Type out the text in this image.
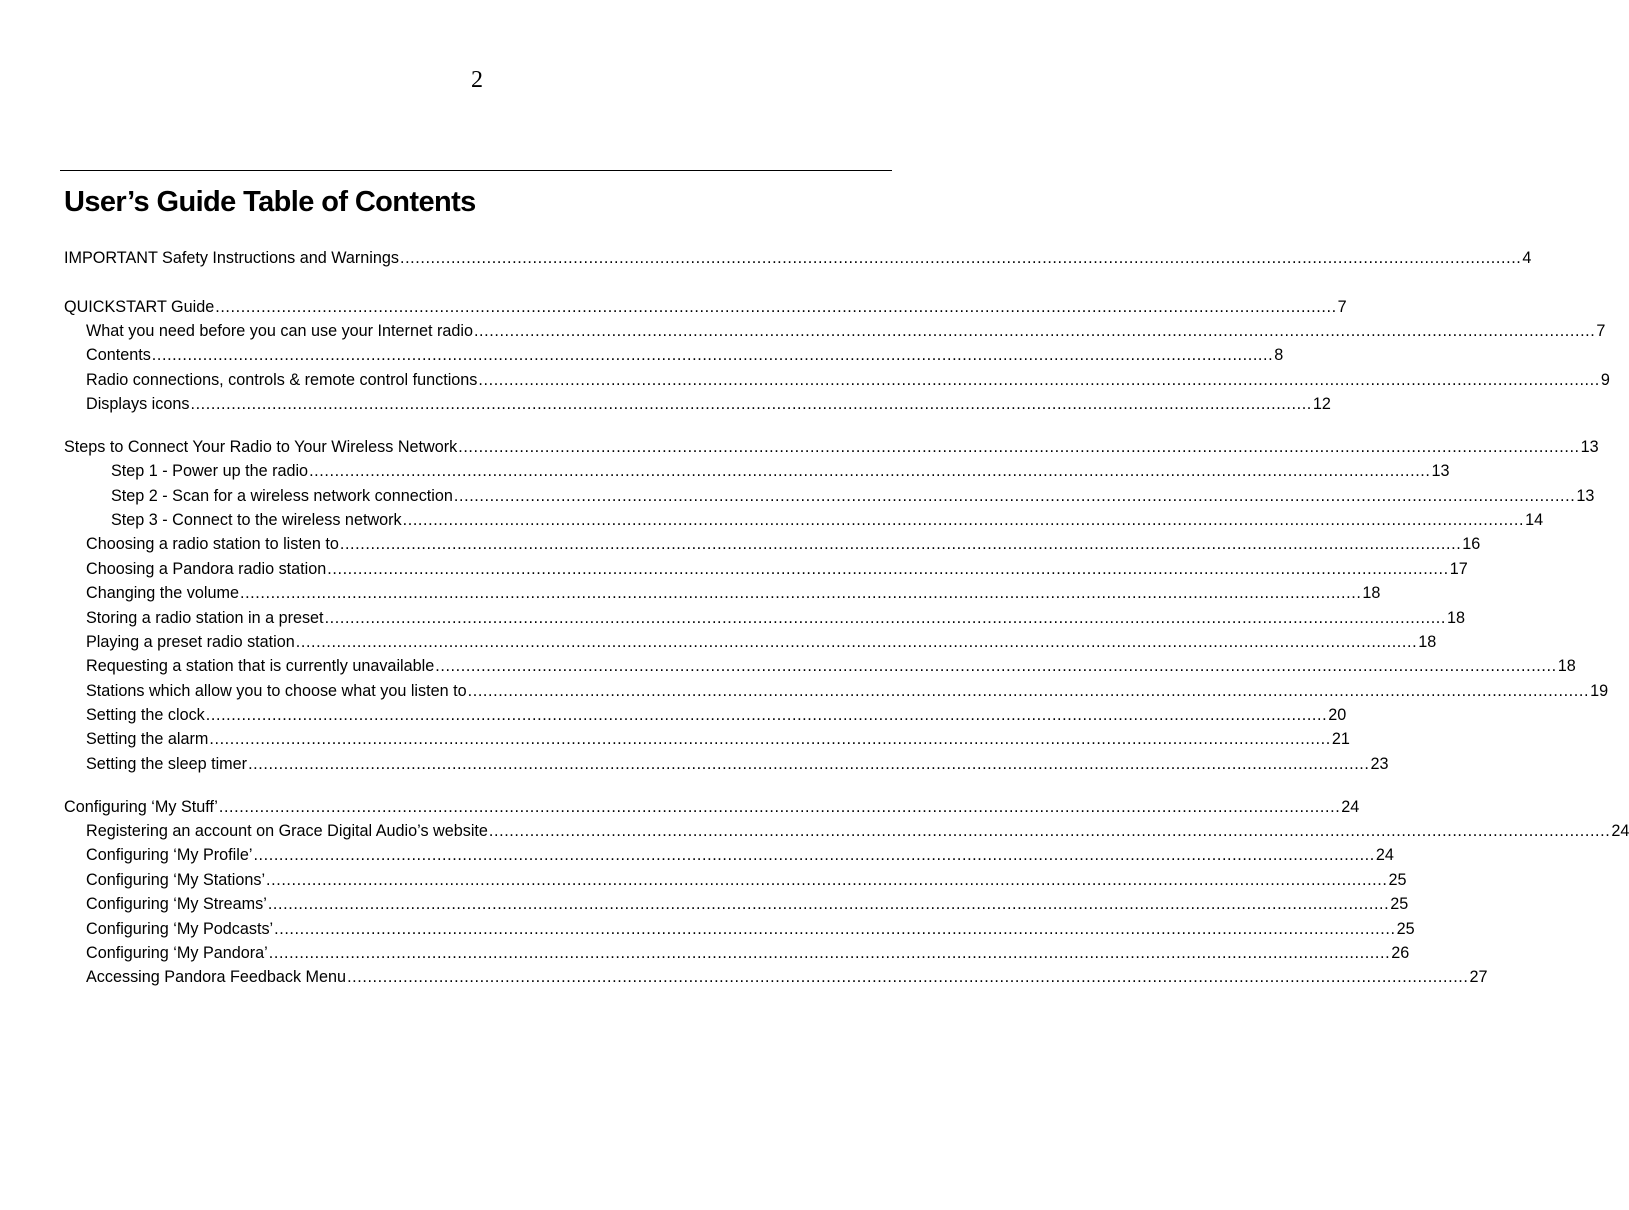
2
User’s Guide Table of Contents
IMPORTANT Safety Instructions and Warnings ............................................................................................................................................................................................................................ 4
QUICKSTART Guide ............................................................................................................................................................................................................................ 7
What you need before you can use your Internet radio ............................................................................................................................................................................................................................ 7
Contents ............................................................................................................................................................................................................................ 8
Radio connections, controls & remote control functions ............................................................................................................................................................................................................................ 9
Displays icons ............................................................................................................................................................................................................................ 12
Steps to Connect Your Radio to Your Wireless Network ............................................................................................................................................................................................................................ 13
Step 1 - Power up the radio ............................................................................................................................................................................................................................ 13
Step 2 - Scan for a wireless network connection ............................................................................................................................................................................................................................ 13
Step 3 - Connect to the wireless network ............................................................................................................................................................................................................................ 14
Choosing a radio station to listen to ............................................................................................................................................................................................................................ 16
Choosing a Pandora radio station ............................................................................................................................................................................................................................ 17
Changing the volume ............................................................................................................................................................................................................................ 18
Storing a radio station in a preset ............................................................................................................................................................................................................................ 18
Playing a preset radio station ............................................................................................................................................................................................................................ 18
Requesting a station that is currently unavailable ............................................................................................................................................................................................................................ 18
Stations which allow you to choose what you listen to ............................................................................................................................................................................................................................ 19
Setting the clock ............................................................................................................................................................................................................................ 20
Setting the alarm ............................................................................................................................................................................................................................ 21
Setting the sleep timer ............................................................................................................................................................................................................................ 23
Configuring ‘My Stuff’ ............................................................................................................................................................................................................................ 24
Registering an account on Grace Digital Audio’s website ............................................................................................................................................................................................................................ 24
Configuring ‘My Profile’ ............................................................................................................................................................................................................................ 24
Configuring ‘My Stations’ ............................................................................................................................................................................................................................ 25
Configuring ‘My Streams’ ............................................................................................................................................................................................................................ 25
Configuring ‘My Podcasts’ ............................................................................................................................................................................................................................ 25
Configuring ‘My Pandora’ ............................................................................................................................................................................................................................ 26
Accessing Pandora Feedback Menu ............................................................................................................................................................................................................................ 27
